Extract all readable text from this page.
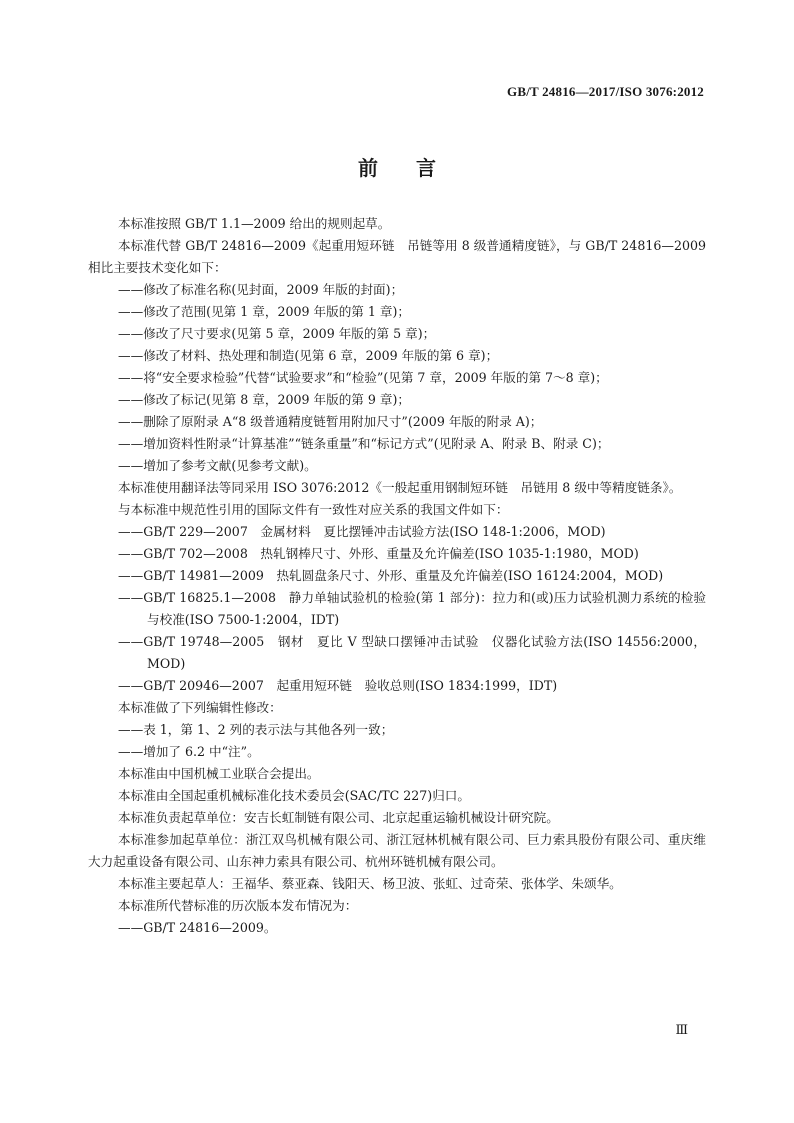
GB/T 24816—2017/ISO 3076:2012
前言

本标准按照 GB/T 1.1—2009 给出的规则起草。

本标准代替 GB/T 24816—2009《起重用短环链　吊链等用 8 级普通精度链》，与 GB/T 24816—2009 相比主要技术变化如下：

——修改了标准名称(见封面，2009 年版的封面)；

——修改了范围(见第 1 章，2009 年版的第 1 章)；

——修改了尺寸要求(见第 5 章，2009 年版的第 5 章)；

——修改了材料、热处理和制造(见第 6 章，2009 年版的第 6 章)；

——将“安全要求检验”代替“试验要求”和“检验”(见第 7 章，2009 年版的第 7～8 章)；

——修改了标记(见第 8 章，2009 年版的第 9 章)；

——删除了原附录 A“8 级普通精度链暂用附加尺寸”(2009 年版的附录 A)；

——增加资料性附录“计算基准”“链条重量”和“标记方式”(见附录 A、附录 B、附录 C)；

——增加了参考文献(见参考文献)。

本标准使用翻译法等同采用 ISO 3076:2012《一般起重用钢制短环链　吊链用 8 级中等精度链条》。

与本标准中规范性引用的国际文件有一致性对应关系的我国文件如下：

——GB/T 229—2007　金属材料　夏比摆锤冲击试验方法(ISO 148-1:2006，MOD)

——GB/T 702—2008　热轧钢棒尺寸、外形、重量及允许偏差(ISO 1035-1:1980，MOD)

——GB/T 14981—2009　热轧圆盘条尺寸、外形、重量及允许偏差(ISO 16124:2004，MOD)

——GB/T 16825.1—2008　静力单轴试验机的检验(第 1 部分)：拉力和(或)压力试验机测力系统的检验与校准(ISO 7500-1:2004，IDT)

——GB/T 19748—2005　钢材　夏比 V 型缺口摆锤冲击试验　仪器化试验方法(ISO 14556:2000，MOD)

——GB/T 20946—2007　起重用短环链　验收总则(ISO 1834:1999，IDT)

本标准做了下列编辑性修改：

——表 1，第 1、2 列的表示法与其他各列一致；

——增加了 6.2 中“注”。

本标准由中国机械工业联合会提出。

本标准由全国起重机械标准化技术委员会(SAC/TC 227)归口。

本标准负责起草单位：安吉长虹制链有限公司、北京起重运输机械设计研究院。

本标准参加起草单位：浙江双鸟机械有限公司、浙江冠林机械有限公司、巨力索具股份有限公司、重庆维大力起重设备有限公司、山东神力索具有限公司、杭州环链机械有限公司。

本标准主要起草人：王福华、蔡亚森、钱阳天、杨卫波、张虹、过奇荣、张体学、朱颂华。

本标准所代替标准的历次版本发布情况为：

——GB/T 24816—2009。

Ⅲ
